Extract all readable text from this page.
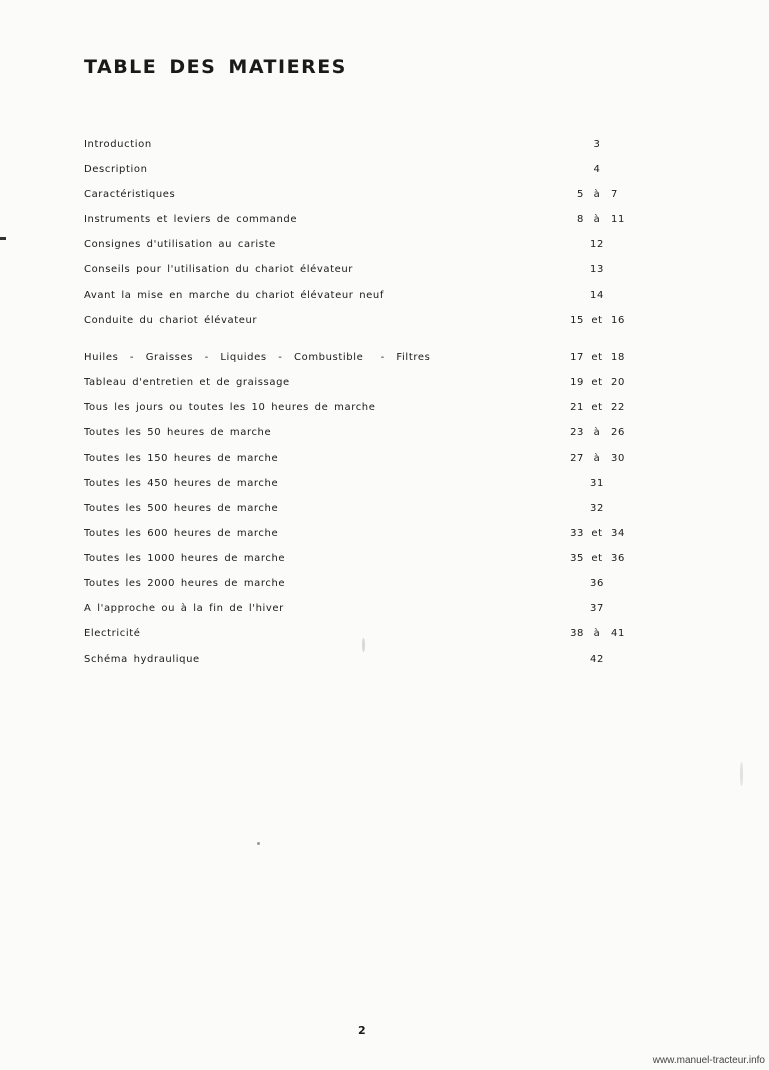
TABLE DES MATIERES
Introduction	3
Description	4
Caractéristiques	5 à	7
Instruments et leviers de commande	8 à	11
Consignes d'utilisation au cariste	12
Conseils pour l'utilisation du chariot élévateur	13
Avant la mise en marche du chariot élévateur neuf	14
Conduite du chariot élévateur	15 et 16
Huiles  -  Graisses  -  Liquides  -  Combustible   -  Filtres	17 et 18
Tableau d'entretien et de graissage	19 et 20
Tous les jours ou toutes les 10 heures de marche	21 et 22
Toutes les 50 heures de marche	23 à	26
Toutes les 150 heures de marche	27 à	30
Toutes les 450 heures de marche	31
Toutes les 500 heures de marche	32
Toutes les 600 heures de marche	33 et 34
Toutes les 1000 heures de marche	35 et 36
Toutes les 2000 heures de marche	36
A l'approche ou à la fin de l'hiver	37
Electricité	38 à	41
Schéma hydraulique	42
2
www.manuel-tracteur.info
